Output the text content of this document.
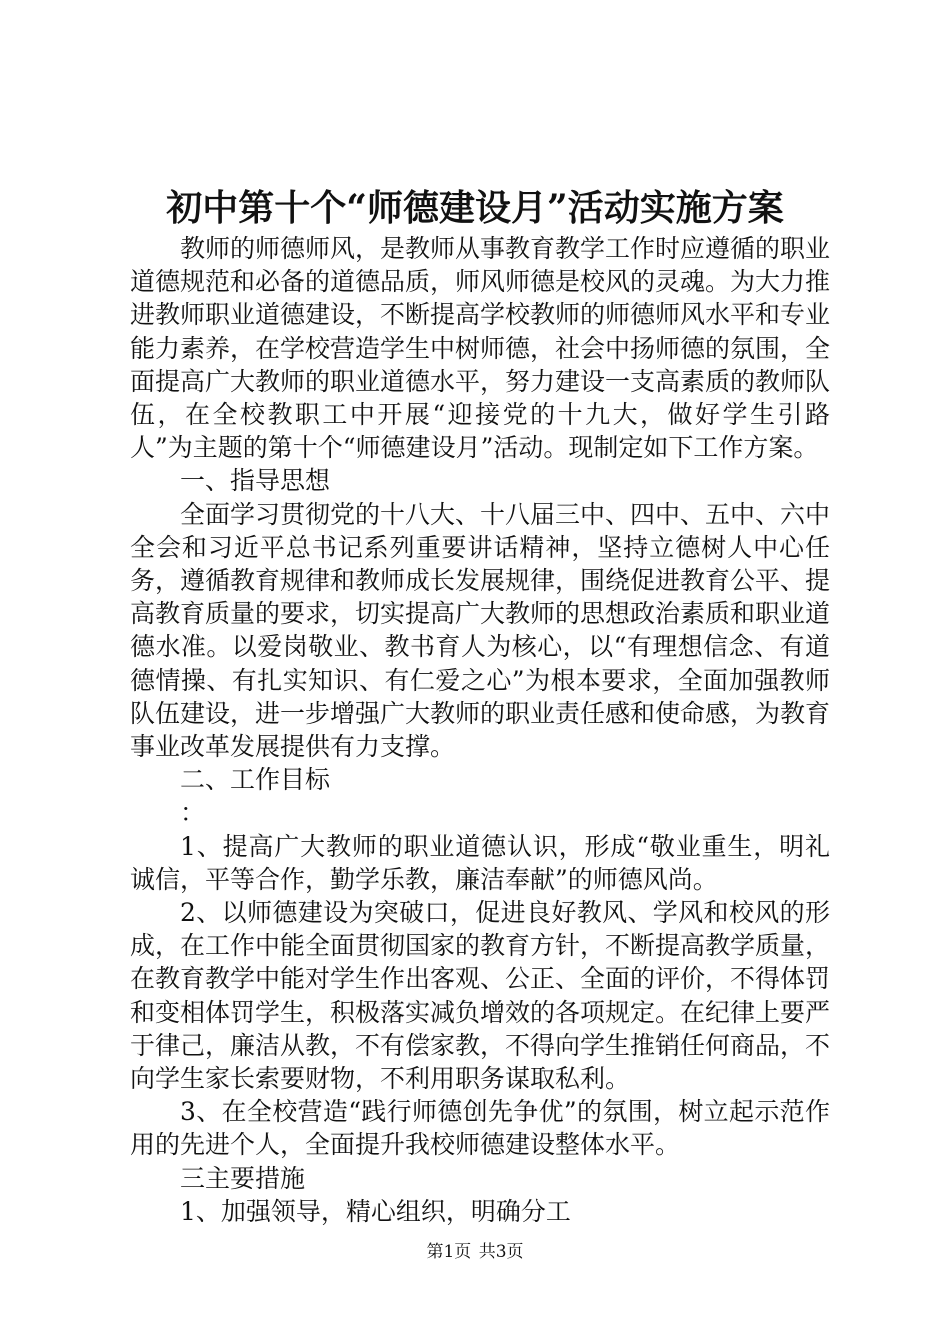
初中第十个“师德建设月”活动实施方案

教师的师德师风，是教师从事教育教学工作时应遵循的职业道德规范和必备的道德品质，师风师德是校风的灵魂。为大力推进教师职业道德建设，不断提高学校教师的师德师风水平和专业能力素养，在学校营造学生中树师德，社会中扬师德的氛围，全面提高广大教师的职业道德水平，努力建设一支高素质的教师队伍，在全校教职工中开展“迎接党的十九大，做好学生引路人”为主题的第十个“师德建设月”活动。现制定如下工作方案。

一、指导思想

全面学习贯彻党的十八大、十八届三中、四中、五中、六中全会和习近平总书记系列重要讲话精神，坚持立德树人中心任务，遵循教育规律和教师成长发展规律，围绕促进教育公平、提高教育质量的要求，切实提高广大教师的思想政治素质和职业道德水准。以爱岗敬业、教书育人为核心，以“有理想信念、有道德情操、有扎实知识、有仁爱之心”为根本要求，全面加强教师队伍建设，进一步增强广大教师的职业责任感和使命感，为教育事业改革发展提供有力支撑。

二、工作目标

：

1、提高广大教师的职业道德认识，形成“敬业重生，明礼诚信，平等合作，勤学乐教，廉洁奉献”的师德风尚。

2、以师德建设为突破口，促进良好教风、学风和校风的形成，在工作中能全面贯彻国家的教育方针，不断提高教学质量，在教育教学中能对学生作出客观、公正、全面的评价，不得体罚和变相体罚学生，积极落实减负增效的各项规定。在纪律上要严于律己，廉洁从教，不有偿家教，不得向学生推销任何商品，不向学生家长索要财物，不利用职务谋取私利。

3、在全校营造“践行师德创先争优”的氛围，树立起示范作用的先进个人，全面提升我校师德建设整体水平。

三主要措施

1、加强领导，精心组织，明确分工

第1页 共3页
